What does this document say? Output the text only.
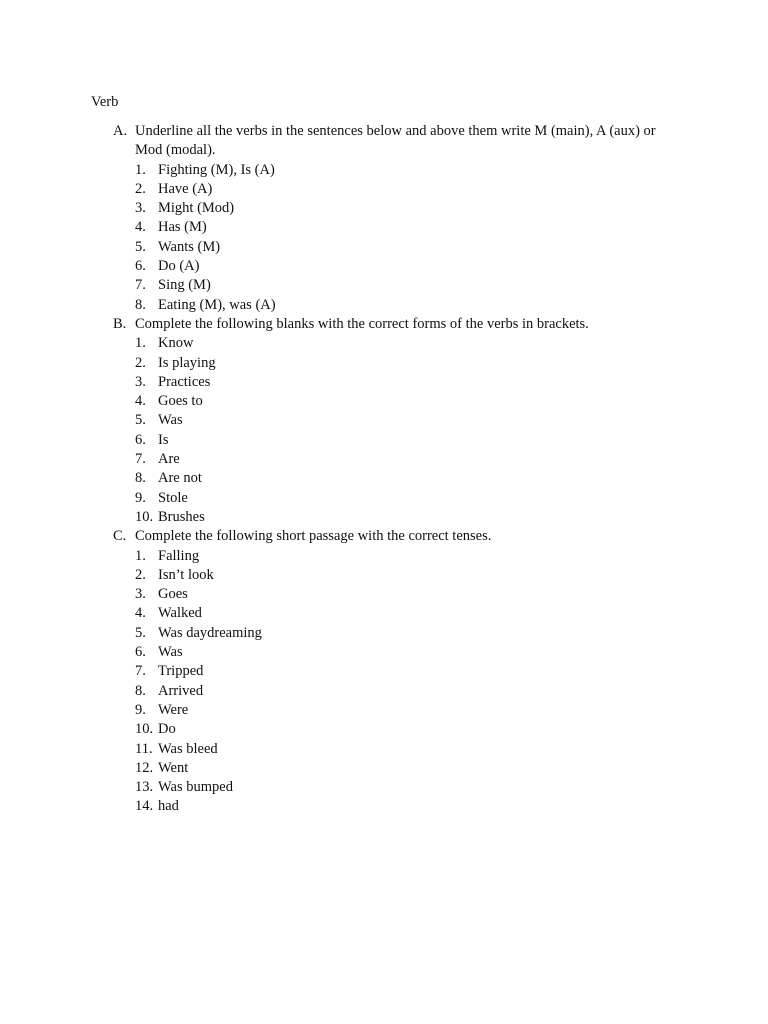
Verb
A. Underline all the verbs in the sentences below and above them write M (main), A (aux) or Mod (modal).
1. Fighting (M), Is (A)
2. Have (A)
3. Might (Mod)
4. Has (M)
5. Wants (M)
6. Do (A)
7. Sing (M)
8. Eating (M), was (A)
B. Complete the following blanks with the correct forms of the verbs in brackets.
1. Know
2. Is playing
3. Practices
4. Goes to
5. Was
6. Is
7. Are
8. Are not
9. Stole
10. Brushes
C. Complete the following short passage with the correct tenses.
1. Falling
2. Isn’t look
3. Goes
4. Walked
5. Was daydreaming
6. Was
7. Tripped
8. Arrived
9. Were
10. Do
11. Was bleed
12. Went
13. Was bumped
14. had
